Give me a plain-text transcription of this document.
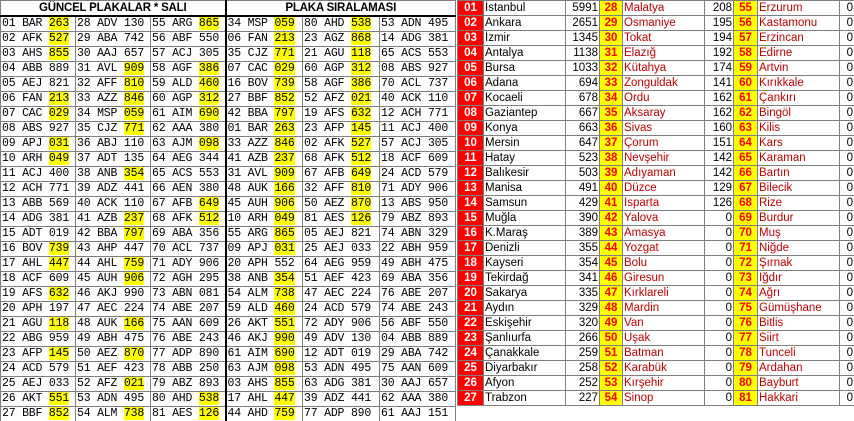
GÜNCEL PLAKALAR * SALI			PLAKA SIRALAMASI		
01 BAR 263	28 ADV 130	55 ARG 865	34 MSP 059	80 AHD 538	53 ADN 495
02 AFK 527	29 ABA 742	56 ABF 550	06 FAN 213	23 AGZ 868	14 ADG 381
03 AHS 855	30 AAJ 657	57 ACJ 305	35 CJZ 771	21 AGU 118	65 ACS 553
04 ABB 889	31 AVL 909	58 AGF 386	07 CAC 029	60 AGP 312	08 ABS 927
05 AEJ 821	32 AFF 810	59 ALD 460	16 BOV 739	58 AGF 386	70 ACL 737
06 FAN 213	33 AZZ 846	60 AGP 312	27 BBF 852	52 AFZ 021	40 ACK 110
07 CAC 029	34 MSP 059	61 AIM 690	42 BBA 797	19 AFS 632	12 ACH 771
08 ABS 927	35 CJZ 771	62 AAA 380	01 BAR 263	23 AFP 145	11 ACJ 400
09 APJ 031	36 ABJ 110	63 AJM 098	33 AZZ 846	02 AFK 527	57 ACJ 305
10 ARH 049	37 ADT 135	64 AEG 344	41 AZB 237	68 AFK 512	18 ACF 609
11 ACJ 400	38 ANB 354	65 ACS 553	31 AVL 909	67 AFB 649	24 ACD 579
12 ACH 771	39 ADZ 441	66 AEN 380	48 AUK 166	32 AFF 810	71 ADY 906
13 ABB 569	40 ACK 110	67 AFB 649	45 AUH 906	50 AEZ 870	13 ABS 950
14 ADG 381	41 AZB 237	68 AFK 512	10 ARH 049	81 AES 126	79 ABZ 893
15 ADT 019	42 BBA 797	69 ABA 356	55 ARG 865	05 AEJ 821	74 ABN 329
16 BOV 739	43 AHP 447	70 ACL 737	09 APJ 031	25 AEJ 033	22 ABH 959
17 AHL 447	44 AHL 759	71 ADY 906	20 APH 552	64 AEG 959	49 ABH 475
18 ACF 609	45 AUH 906	72 AGH 295	38 ANB 354	51 AEF 423	69 ABA 356
19 AFS 632	46 AKJ 990	73 ABN 081	54 ALM 738	47 AEC 224	76 ABE 207
20 APH 197	47 AEC 224	74 ABE 207	59 ALD 460	24 ACD 579	74 ABE 243
21 AGU 118	48 AUK 166	75 AAN 609	26 AKT 551	72 ADY 906	56 ABF 550
22 ABG 959	49 ABH 475	76 ABE 243	46 AKJ 990	49 ADV 130	04 ABB 889
23 AFP 145	50 AEZ 870	77 ADP 890	61 AIM 690	12 ADT 019	29 ABA 742
24 ACD 579	51 AEF 423	78 ABB 250	63 AJM 098	53 ADN 495	75 AAN 609
25 AEJ 033	52 AFZ 021	79 ABZ 893	03 AHS 855	63 ADG 381	30 AAJ 657
26 AKT 551	53 ADN 495	80 AHD 538	17 AHL 447	39 ADZ 441	62 AAA 380
27 BBF 852	54 ALM 738	81 AES 126	44 AHD 759	77 ADP 890	61 AAJ 151
01	İstanbul	5991	28	Malatya	208	55	Erzurum	0
02	Ankara	2651	29	Osmaniye	195	56	Kastamonu	0
03	İzmir	1345	30	Tokat	194	57	Erzincan	0
04	Antalya	1138	31	Elazığ	192	58	Edirne	0
05	Bursa	1033	32	Kütahya	174	59	Artvin	0
06	Adana	694	33	Zonguldak	141	60	Kırıkkale	0
07	Kocaeli	678	34	Ordu	162	61	Çankırı	0
08	Gaziantep	667	35	Aksaray	162	62	Bingöl	0
09	Konya	663	36	Sivas	160	63	Kilis	0
10	Mersin	647	37	Çorum	151	64	Kars	0
11	Hatay	523	38	Nevşehir	142	65	Karaman	0
12	Balıkesir	503	39	Adıyaman	142	66	Bartın	0
13	Manisa	491	40	Düzce	129	67	Bilecik	0
14	Samsun	429	41	Isparta	126	68	Rize	0
15	Muğla	390	42	Yalova	0	69	Burdur	0
16	K.Maraş	389	43	Amasya	0	70	Muş	0
17	Denizli	355	44	Yozgat	0	71	Niğde	0
18	Kayseri	354	45	Bolu	0	72	Şırnak	0
19	Tekirdağ	341	46	Giresun	0	73	Iğdır	0
20	Sakarya	335	47	Kırklareli	0	74	Ağrı	0
21	Aydın	329	48	Mardin	0	75	Gümüşhane	0
22	Eskişehir	320	49	Van	0	76	Bitlis	0
23	Şanlıurfa	266	50	Uşak	0	77	Siirt	0
24	Çanakkale	259	51	Batman	0	78	Tunceli	0
25	Diyarbakır	258	52	Karabük	0	79	Ardahan	0
26	Afyon	252	53	Kırşehir	0	80	Bayburt	0
27	Trabzon	227	54	Sinop	0	81	Hakkari	0
